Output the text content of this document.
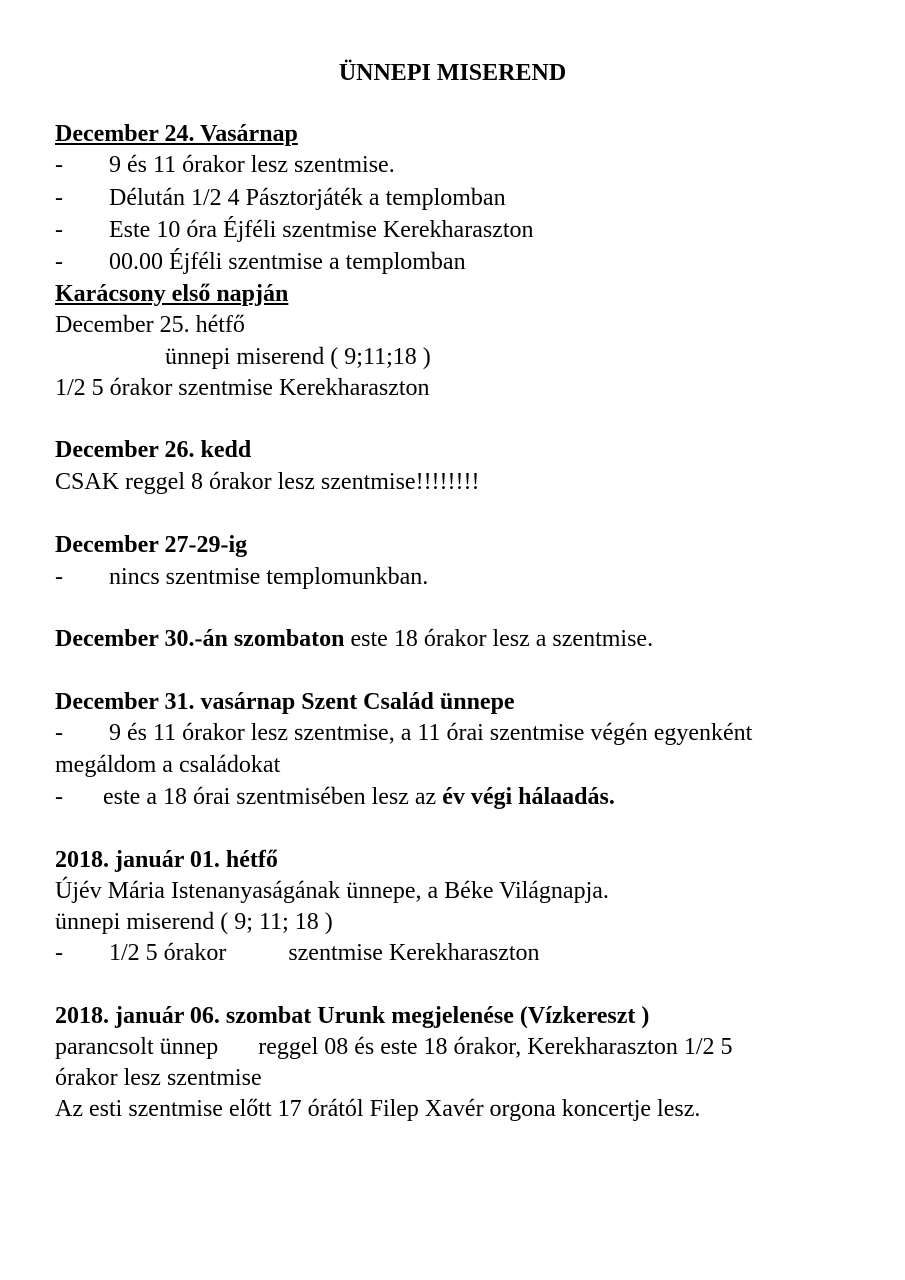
ÜNNEPI MISEREND
December 24. Vasárnap
- 9 és 11 órakor lesz szentmise.
- Délután 1/2 4 Pásztorjáték a templomban
- Este 10 óra Éjféli szentmise Kerekharaszton
- 00.00 Éjféli szentmise a templomban
Karácsony első napján
December 25. hétfő
ünnepi miserend ( 9;11;18 )
1/2 5 órakor szentmise Kerekharaszton
December 26. kedd
CSAK reggel 8 órakor lesz szentmise!!!!!!!!
December 27-29-ig
- nincs szentmise templomunkban.
December 30.-án szombaton este 18 órakor lesz a szentmise.
December 31. vasárnap Szent Család ünnepe
- 9 és 11 órakor lesz szentmise, a 11 órai szentmise végén egyenként
megáldom a családokat
- este a 18 órai szentmisében lesz az év végi hálaadás.
2018. január 01. hétfő
Újév Mária Istenanyaságának ünnepe, a Béke Világnapja.
ünnepi miserend ( 9; 11; 18 )
- 1/2 5 órakor	szentmise Kerekharaszton
2018. január 06. szombat Urunk megjelenése (Vízkereszt )
parancsolt ünnep reggel 08 és este 18 órakor, Kerekharaszton 1/2 5
órakor lesz szentmise
Az esti szentmise előtt 17 órától Filep Xavér orgona koncertje lesz.
